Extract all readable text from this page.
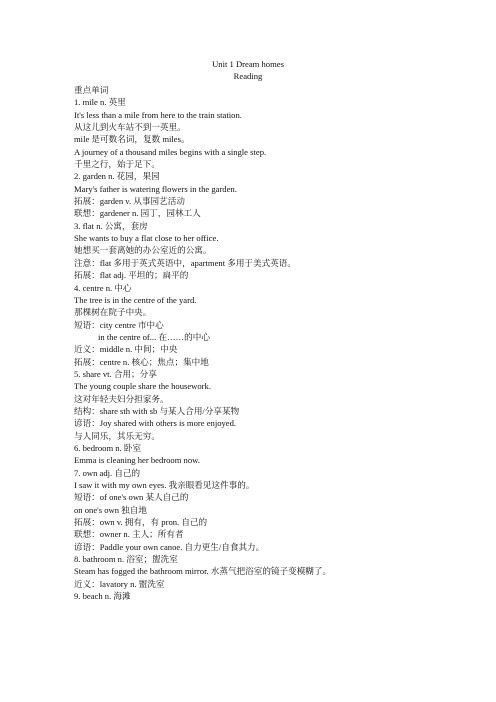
Unit 1 Dream homes
Reading
重点单词
1. mile n. 英里
It's less than a mile from here to the train station.
从这儿到火车站不到一英里。
mile 是可数名词，复数 miles。
A journey of a thousand miles begins with a single step.
千里之行，始于足下。
2. garden n. 花园，果园
Mary's father is watering flowers in the garden.
拓展：garden v. 从事园艺活动
联想：gardener n. 园丁，园林工人
3. flat n. 公寓，套房
She wants to buy a flat close to her office.
她想买一套离她的办公室近的公寓。
注意：flat 多用于英式英语中，apartment 多用于美式英语。
拓展：flat adj. 平坦的；扁平的
4. centre n. 中心
The tree is in the centre of the yard.
那棵树在院子中央。
短语：city centre 市中心
in the centre of... 在……的中心
近义：middle n. 中间；中央
拓展：centre n. 核心；焦点；集中地
5. share vt. 合用；分享
The young couple share the housework.
这对年轻夫妇分担家务。
结构：share sth with sb 与某人合用/分享某物
谚语：Joy shared with others is more enjoyed.
与人同乐，其乐无穷。
6. bedroom n. 卧室
Emma is cleaning her bedroom now.
7. own adj. 自己的
I saw it with my own eyes. 我亲眼看见这件事的。
短语：of one's own 某人自己的
on one's own 独自地
拓展：own v. 拥有，有 pron. 自己的
联想：owner n. 主人；所有者
谚语：Paddle your own canoe. 自力更生/自食其力。
8. bathroom n. 浴室；盥洗室
Steam has fogged the bathroom mirror. 水蒸气把浴室的镜子变模糊了。
近义：lavatory n. 盥洗室
9. beach n. 海滩
